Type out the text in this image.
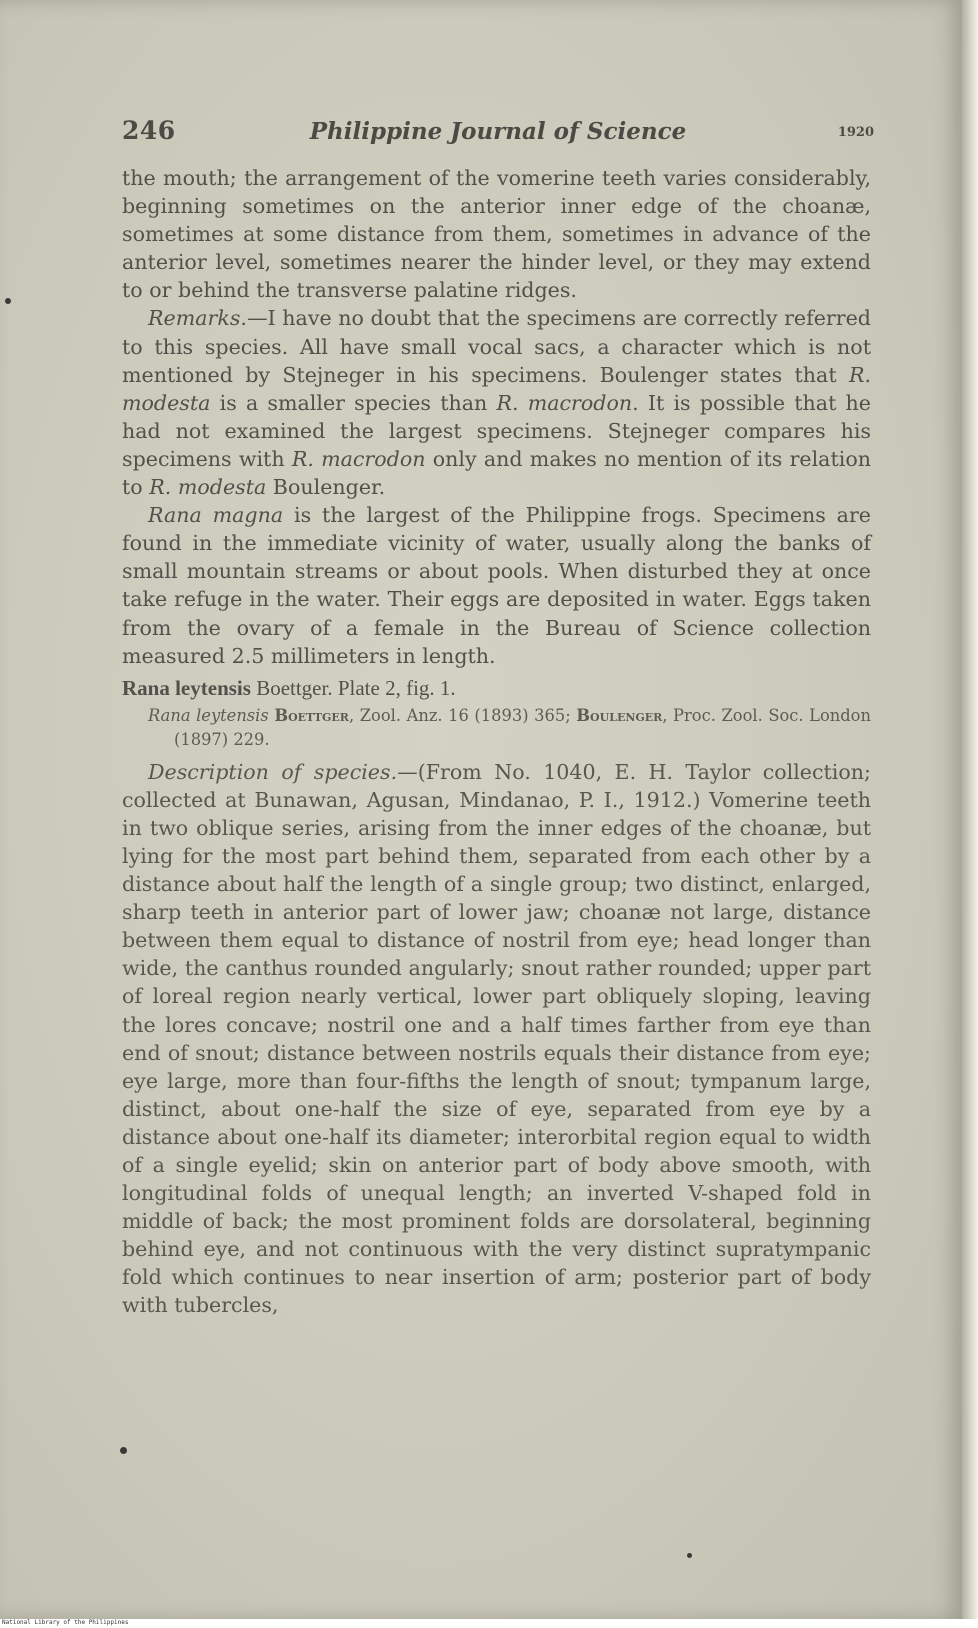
246	Philippine Journal of Science	1920

the mouth; the arrangement of the vomerine teeth varies considerably, beginning sometimes on the anterior inner edge of the choanæ, sometimes at some distance from them, sometimes in advance of the anterior level, sometimes nearer the hinder level, or they may extend to or behind the transverse palatine ridges.

Remarks.—I have no doubt that the specimens are correctly referred to this species. All have small vocal sacs, a character which is not mentioned by Stejneger in his specimens. Boulenger states that R. modesta is a smaller species than R. macrodon. It is possible that he had not examined the largest specimens. Stejneger compares his specimens with R. macrodon only and makes no mention of its relation to R. modesta Boulenger.

Rana magna is the largest of the Philippine frogs. Specimens are found in the immediate vicinity of water, usually along the banks of small mountain streams or about pools. When disturbed they at once take refuge in the water. Their eggs are deposited in water. Eggs taken from the ovary of a female in the Bureau of Science collection measured 2.5 millimeters in length.

Rana leytensis Boettger. Plate 2, fig. 1.

Rana leytensis Boettger, Zool. Anz. 16 (1893) 365; Boulenger, Proc. Zool. Soc. London (1897) 229.

Description of species.—(From No. 1040, E. H. Taylor collection; collected at Bunawan, Agusan, Mindanao, P. I., 1912.) Vomerine teeth in two oblique series, arising from the inner edges of the choanæ, but lying for the most part behind them, separated from each other by a distance about half the length of a single group; two distinct, enlarged, sharp teeth in anterior part of lower jaw; choanæ not large, distance between them equal to distance of nostril from eye; head longer than wide, the canthus rounded angularly; snout rather rounded; upper part of loreal region nearly vertical, lower part obliquely sloping, leaving the lores concave; nostril one and a half times farther from eye than end of snout; distance between nostrils equals their distance from eye; eye large, more than four-fifths the length of snout; tympanum large, distinct, about one-half the size of eye, separated from eye by a distance about one-half its diameter; interorbital region equal to width of a single eyelid; skin on anterior part of body above smooth, with longitudinal folds of unequal length; an inverted V-shaped fold in middle of back; the most prominent folds are dorsolateral, beginning behind eye, and not continuous with the very distinct supratympanic fold which continues to near insertion of arm; posterior part of body with tubercles,

National Library of the Philippines
